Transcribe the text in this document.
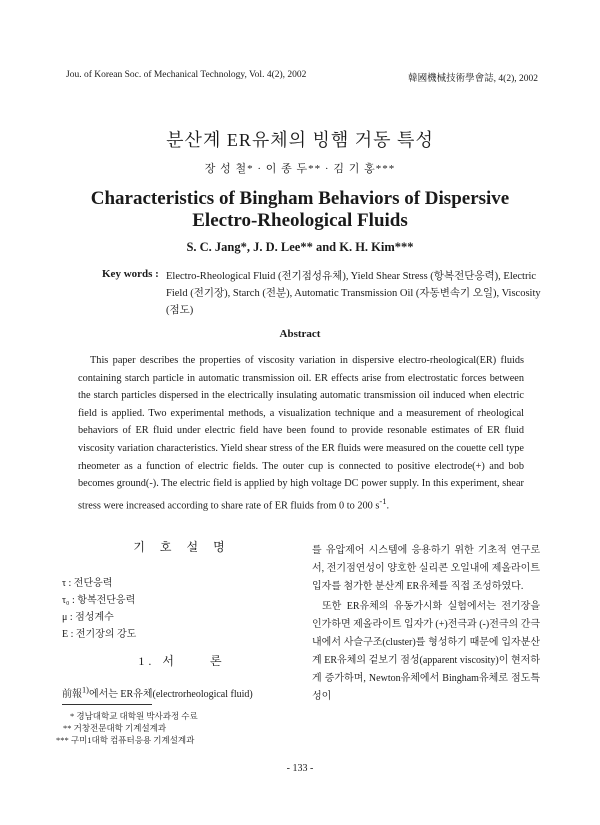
Jou. of Korean Soc. of Mechanical Technology, Vol. 4(2), 2002	韓國機械技術學會誌, 4(2), 2002
분산계 ER유체의 빙햄 거동 특성
장 성 철* · 이 종 두** · 김 기 홍***
Characteristics of Bingham Behaviors of Dispersive
Electro-Rheological Fluids
S. C. Jang*, J. D. Lee** and K. H. Kim***
Key words : Electro-Rheological Fluid (전기점성유체), Yield Shear Stress (항복전단응력), Electric Field (전기장), Starch (전분), Automatic Transmission Oil (자동변속기 오일), Viscosity (점도)
Abstract

This paper describes the properties of viscosity variation in dispersive electro-rheological(ER) fluids containing starch particle in automatic transmission oil. ER effects arise from electrostatic forces between the starch particles dispersed in the electrically insulating automatic transmission oil induced when electric field is applied. Two experimental methods, a visualization technique and a measurement of rheological behaviors of ER fluid under electric field have been found to provide resonable estimates of ER fluid viscosity variation characteristics. Yield shear stress of the ER fluids were measured on the couette cell type rheometer as a function of electric fields. The outer cup is connected to positive electrode(+) and bob becomes ground(-). The electric field is applied by high voltage DC power supply. In this experiment, shear stress were increased according to share rate of ER fluids from 0 to 200 $s^{-1}$.

기 호 설 명
τ : 전단응력
τ₀ : 항복전단응력
μ : 점성계수
E : 전기장의 강도
1. 서　　론
前報$^{1)}$에서는 ER유체(electrorheological fluid)
* 경남대학교 대학원 박사과정 수료
** 거창전문대학 기계설계과
*** 구미1대학 컴퓨터응용 기계설계과

를 유압제어 시스템에 응용하기 위한 기초적 연구로서, 전기점연성이 양호한 실리콘 오일내에 제올라이트 입자를 첨가한 분산계 ER유체를 직접 조성하였다.

또한 ER유체의 유동가시화 실험에서는 전기장을 인가하면 제올라이트 입자가 (+)전극과 (-)전극의 간극내에서 사슬구조(cluster)를 형성하기 때문에 입자분산계 ER유체의 겉보기 점성(apparent viscosity)이 현저하게 증가하며, Newton유체에서 Bingham유체로 점도특성이

- 133 -
